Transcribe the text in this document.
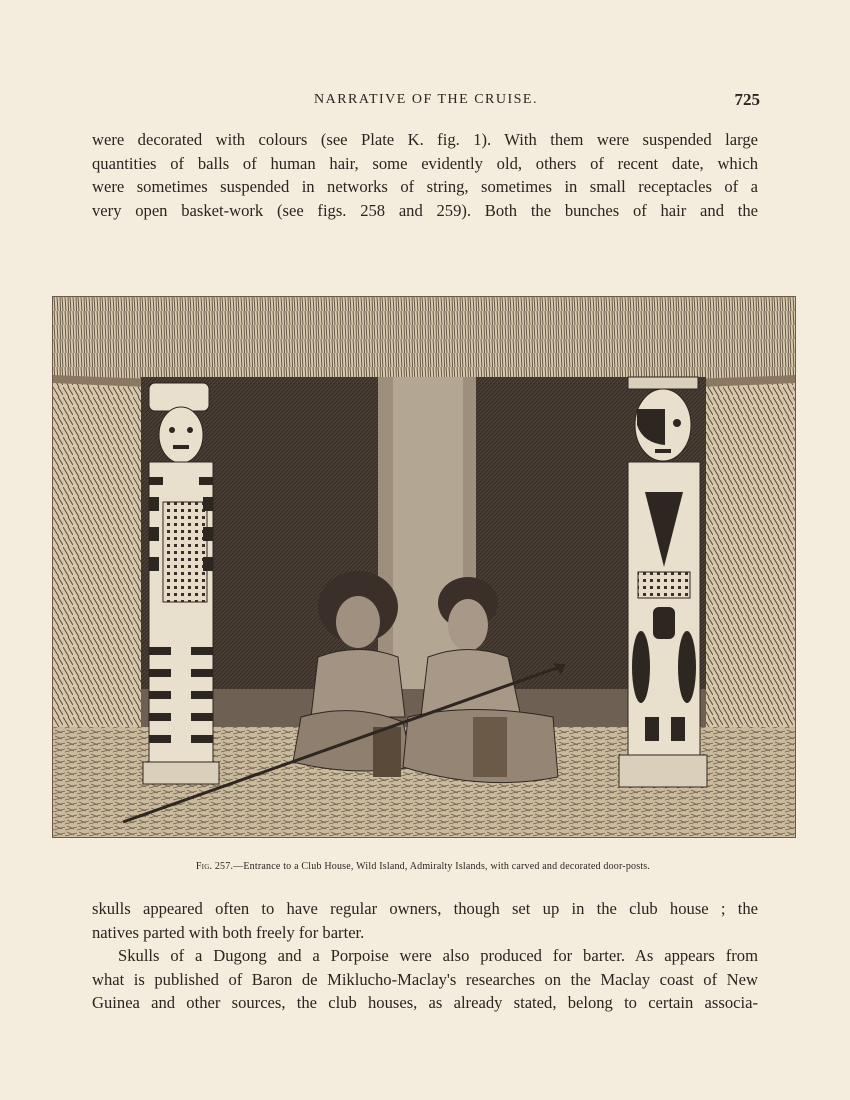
NARRATIVE OF THE CRUISE.	725

were decorated with colours (see Plate K. fig. 1). With them were suspended large
quantities of balls of human hair, some evidently old, others of recent date, which
were sometimes suspended in networks of string, sometimes in small receptacles of a
very open basket-work (see figs. 258 and 259). Both the bunches of hair and the

Fig. 257.—Entrance to a Club House, Wild Island, Admiralty Islands, with carved and decorated door-posts.

skulls appeared often to have regular owners, though set up in the club house ; the
natives parted with both freely for barter.

Skulls of a Dugong and a Porpoise were also produced for barter. As appears from
what is published of Baron de Miklucho-Maclay's researches on the Maclay coast of New
Guinea and other sources, the club houses, as already stated, belong to certain associa-
